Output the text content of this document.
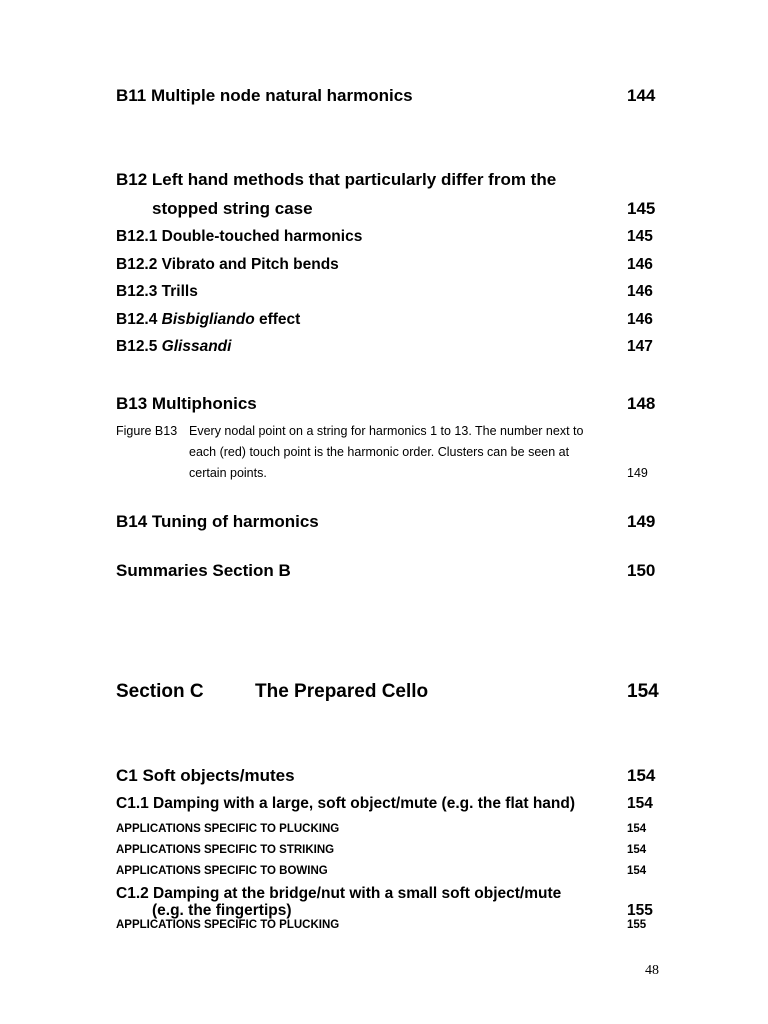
B11 Multiple node natural harmonics	144
B12 Left hand methods that particularly differ from the
stopped string case	145
B12.1 Double-touched harmonics	145
B12.2 Vibrato and Pitch bends	146
B12.3 Trills	146
B12.4 Bisbigliando effect	146
B12.5 Glissandi	147
B13 Multiphonics	148
Figure B13 Every nodal point on a string for harmonics 1 to 13. The number next to
each (red) touch point is the harmonic order. Clusters can be seen at
certain points.	149
B14 Tuning of harmonics	149
Summaries Section B	150
Section C	The Prepared Cello	154
C1 Soft objects/mutes	154
C1.1 Damping with a large, soft object/mute (e.g. the flat hand)	154
APPLICATIONS SPECIFIC TO PLUCKING	154
APPLICATIONS SPECIFIC TO STRIKING	154
APPLICATIONS SPECIFIC TO BOWING	154
C1.2 Damping at the bridge/nut with a small soft object/mute
(e.g. the fingertips)	155
APPLICATIONS SPECIFIC TO PLUCKING	155
48
